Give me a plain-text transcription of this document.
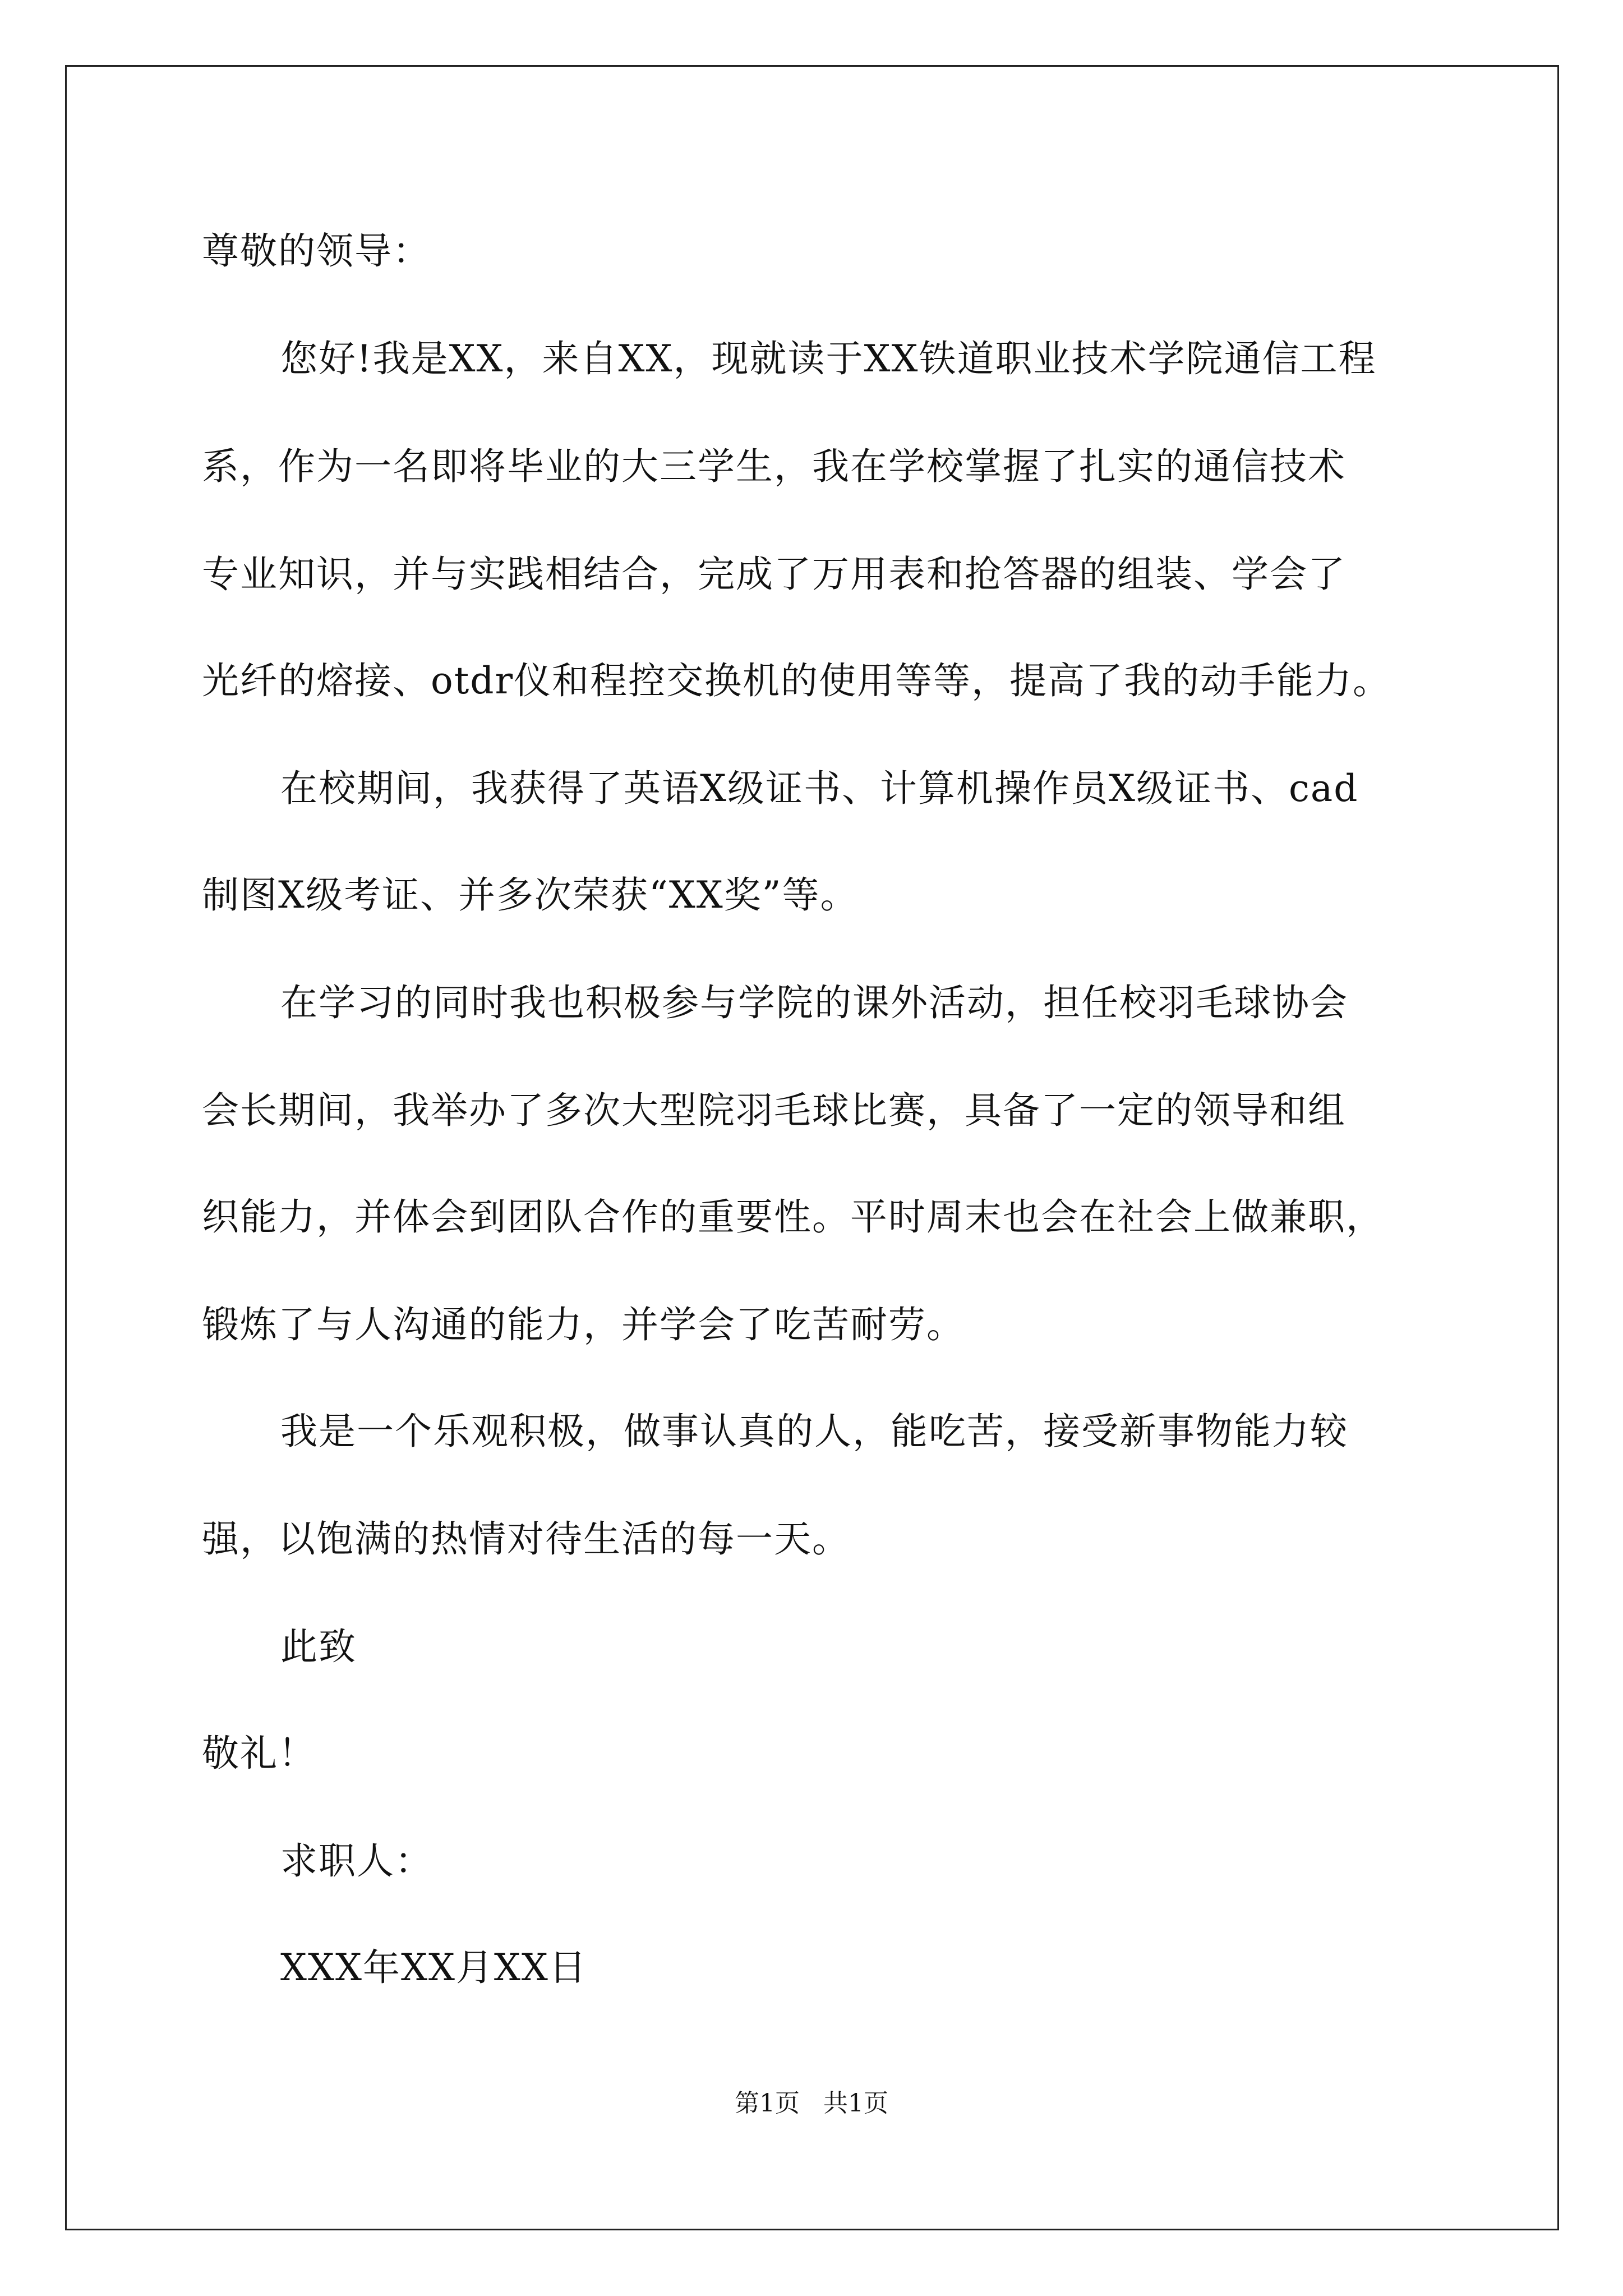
尊敬的领导：
您好!我是XX，来自XX，现就读于XX铁道职业技术学院通信工程
系，作为一名即将毕业的大三学生，我在学校掌握了扎实的通信技术
专业知识，并与实践相结合，完成了万用表和抢答器的组装、学会了
光纤的熔接、otdr仪和程控交换机的使用等等，提高了我的动手能力。
在校期间，我获得了英语X级证书、计算机操作员X级证书、cad
制图X级考证、并多次荣获“XX奖”等。
在学习的同时我也积极参与学院的课外活动，担任校羽毛球协会
会长期间，我举办了多次大型院羽毛球比赛，具备了一定的领导和组
织能力，并体会到团队合作的重要性。平时周末也会在社会上做兼职，
锻炼了与人沟通的能力，并学会了吃苦耐劳。
我是一个乐观积极，做事认真的人，能吃苦，接受新事物能力较
强，以饱满的热情对待生活的每一天。
此致
敬礼！
求职人：
XXX年XX月XX日
第1页   共1页
